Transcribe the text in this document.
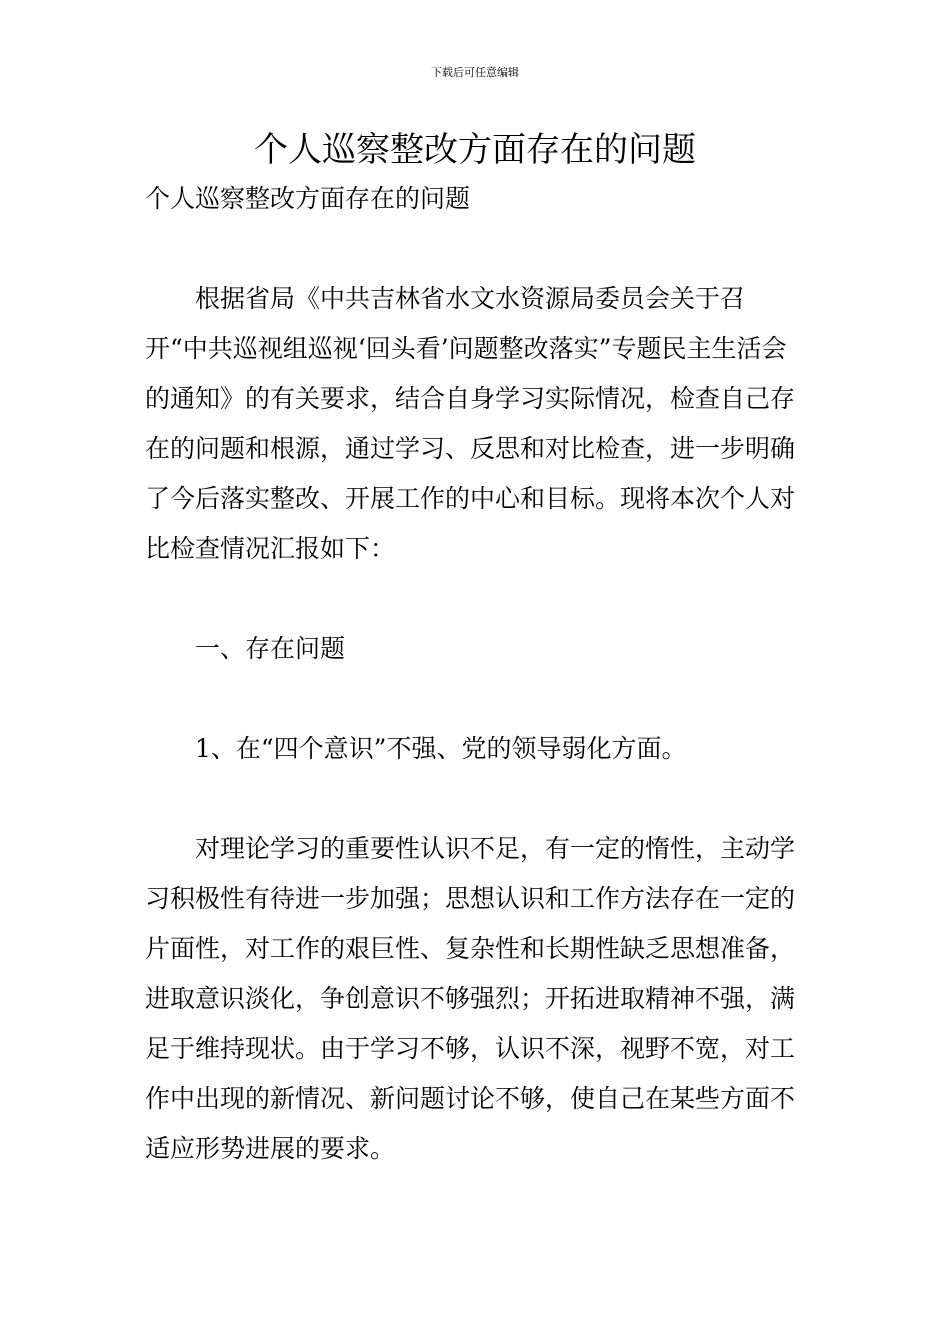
下载后可任意编辑
个人巡察整改方面存在的问题

个人巡察整改方面存在的问题

根据省局《中共吉林省水文水资源局委员会关于召开“中共巡视组巡视‘回头看’问题整改落实”专题民主生活会的通知》的有关要求，结合自身学习实际情况，检查自己存在的问题和根源，通过学习、反思和对比检查，进一步明确了今后落实整改、开展工作的中心和目标。现将本次个人对比检查情况汇报如下：

一、存在问题

1、在“四个意识”不强、党的领导弱化方面。

对理论学习的重要性认识不足，有一定的惰性，主动学习积极性有待进一步加强；思想认识和工作方法存在一定的片面性，对工作的艰巨性、复杂性和长期性缺乏思想准备，进取意识淡化，争创意识不够强烈；开拓进取精神不强，满足于维持现状。由于学习不够，认识不深，视野不宽，对工作中出现的新情况、新问题讨论不够，使自己在某些方面不适应形势进展的要求。
